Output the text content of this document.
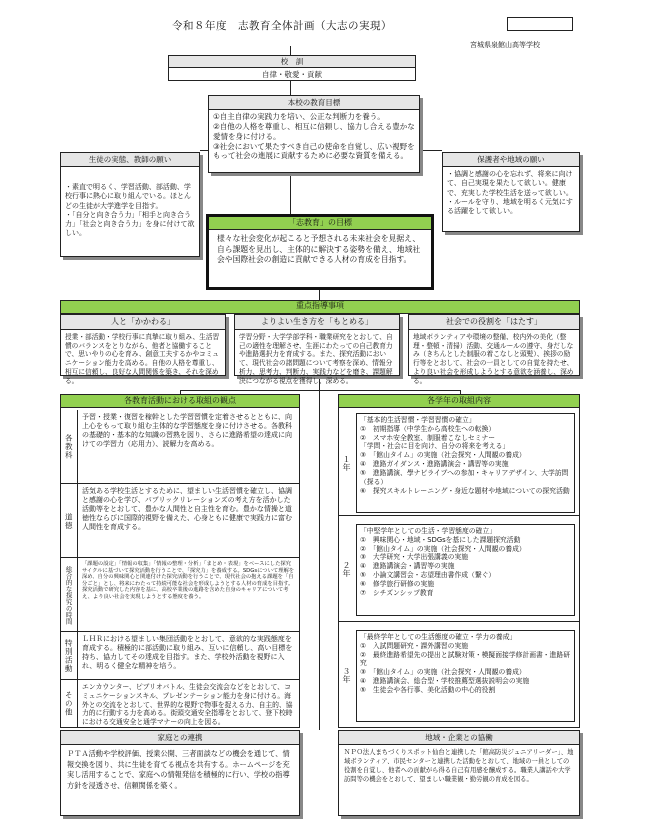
令和８年度　志教育全体計画（大志の実現）
宮城県泉館山高等学校
校　訓
自律・敬愛・貢献
本校の教育目標
①自主自律の実践力を培い、公正な判断力を養う。
②自他の人格を尊重し、相互に信頼し、協力し合える豊かな愛情を身に付ける。
③社会において果たすべき自己の使命を自覚し、広い視野をもって社会の進展に貢献するために必要な資質を備える。
生徒の実態、教師の願い
・素直で明るく、学習活動、部活動、学校行事に熱心に取り組んでいる。ほとんどの生徒が大学進学を目指す。
・「自分と向き合う力」「相手と向き合う力」「社会と向き合う力」を身に付けて欲しい。
保護者や地域の願い
・協調と感謝の心を忘れず、将来に向けて、自己実現を果たして欲しい。健康で、充実した学校生活を送って欲しい。
・ルールを守り、地域を明るく元気にする活躍をして欲しい。
「志教育」の目標
様々な社会変化が起こると予想される未来社会を見据え、自ら課題を見出し、主体的に解決する姿勢を備え、地域社会や国際社会の創造に貢献できる人材の育成を目指す。
重点指導事項
人と「かかわる」
授業・部活動・学校行事に真摯に取り組み、生活習慣のバランスをとりながら、他者と協働することで、思いやりの心を育み、創意工夫するかやコミュニケーション能力を高める。自他の人格を尊重し、相互に信頼し、良好な人間関係を築き、それを深める。
よりよい生き方を「もとめる」
学習分野・大学学部学科・職業研究をとおして、自己の適性を理解させ、生涯にわたっての自己教育力や進路選択力を育成する。また、探究活動において、現代社会の諸問題について考察を深め、情報分析力、思考力、判断力、実践力などを磨き、課題解決につながる視点を獲得し、深める。
社会での役割を「はたす」
地域ボランティアや環境の整備、校内外の美化（整理・整頓・清掃）活動、交通ルールの遵守、身だしなみ（きちんとした制服の着こなしと頭髪）、挨拶の励行等をとおして、社会の一員としての自覚を持たせ、より良い社会を形成しようとする意欲を涵養し、深める。
各教育活動における取組の観点
各教科
予習・授業・復習を稼幹とした学習習慣を定着させるとともに、向上心をもって取り組む主体的な学習態度を身に付けさせる。各教科の基礎的・基本的な知識の習熟を図り、さらに進路希望の達成に向けての学習力（応用力）、読解力を高める。
道徳
活気ある学校生活とするために、望ましい生活習慣を確立し、協調と感謝の心を学び、パブリックリレーションズの考え方を活かした活動等をとおして、豊かな人間性と自主性を育む。豊かな情操と道徳性ならびに国際的視野を備えた、心身ともに健康で実践力に富む人間性を育成する。
総合的な探究の時間
「課題の設定」「情報の収集」「情報の整理・分析」「まとめ・表現」をベースにした探究サイクルに基づいて探究活動を行うことで、「探究力」を養成する。SDGsについて理解を深め、自分の興味関心と関連付けた探究活動を行うことで、現代社会の抱える課題を「自分ごと」とし、将来にわたって持続可能な社会を形成しようとする人材の育成を目指す。探究活動で研究した内容を基に、高校卒業後の進路を含めた自身のキャリアについて考え、より良い社会を実現しようとする態度を養う。
特別活動	ＬＨＲにおける望ましい集団活動をとおして、意欲的な実践態度を育成する。積極的に部活動に取り組み、互いに信頼し、高い目標を持ち、協力してその達成を目指す。また、学校外活動を視野に入れ、明るく健全な精神を培う。
その他
エンカウンター、ピブリオバトル、生徒会交流会などをとおして、コミュニケーションスキル、プレゼンテーション能力を身に付ける。海外との交流をとおして、世界的な視野で物事を捉える力、自主的、協力的に行動する力を高める。街頭交通安全指導をとおして、登下校時における交通安全と通学マナーの向上を図る。
各学年の取組内容
１年
「基本的生活習慣・学習習慣の確立」
①　初期指導（中学生から高校生への転換）
②　スマホ安全教室、制服着こなしセミナー
「学問・社会に目を向け、自分の将来を考える」
③　「館山タイム」の実施（社会探究・人間観の養成）
④　進路ガイダンス・進路講演会・講習等の実施
⑤　進路講演、學ナビライブへの参加・キャリアデザイン、大学訪問（探る）
⑥　探究スキルトレーニング・身近な題材や地域についての探究活動
２年
「中堅学年としての生活・学習態度の確立」
①　興味関心・地域・SDGsを基にした課題探究活動
②　「館山タイム」の実施（社会探究・人間観の養成）
③　大学研究・大学出張講義の実施
④　進路講演会・講習等の実施
⑤　小論文講習会・志望理由書作成（繋ぐ）
⑥　修学旅行研修の実施
⑦　シチズンシップ教育
３年
「最終学年としての生活態度の確立・学力の養成」
①　入試問題研究・課外講習の実施
②　最終進路希望先の提出と試験対策・模擬面接学修計画書・進路研究
③　「館山タイム」の実施（社会探究・人間観の養成）
④　進路講演会、総合型・学校推薦型選抜説明会の実施
⑤　生徒会や各行事、美化活動の中心的役割
家庭との連携
ＰＴＡ活動や学校評価、授業公開、三者面談などの機会を通じて、情報交換を図り、共に生徒を育てる視点を共有する。ホームページを充実し活用することで、家庭への情報発信を積極的に行い、学校の指導方針を浸透させ、信頼関係を築く。
地域・企業との協働
ＮＰＯ法人まちづくりスポット仙台と連携した「館高防災ジュニアリーダー」、地域ボランティア、市民センターと連携した活動をとおして、地域の一員としての役割を自覚し、他者への貢献がら得る自己有用感を醸成する。職業人講話や大学訪問等の機会をとおして、望ましい職業観・勤労観の育成を図る。
